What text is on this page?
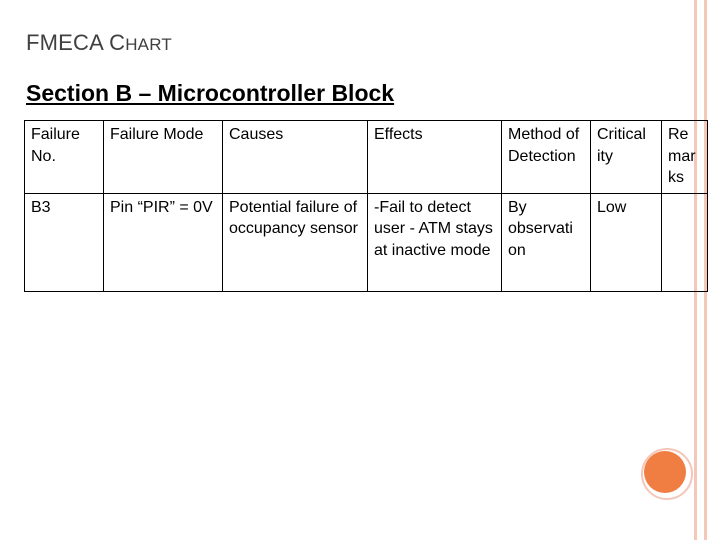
FMECA CHART
Section B – Microcontroller Block
Failure No.	Failure Mode	Causes	Effects	Method of Detection	Critical ity	Re mar ks
B3	Pin “PIR” = 0V	Potential failure of occupancy sensor	-Fail to detect user - ATM stays at inactive mode	By observati on	Low	
